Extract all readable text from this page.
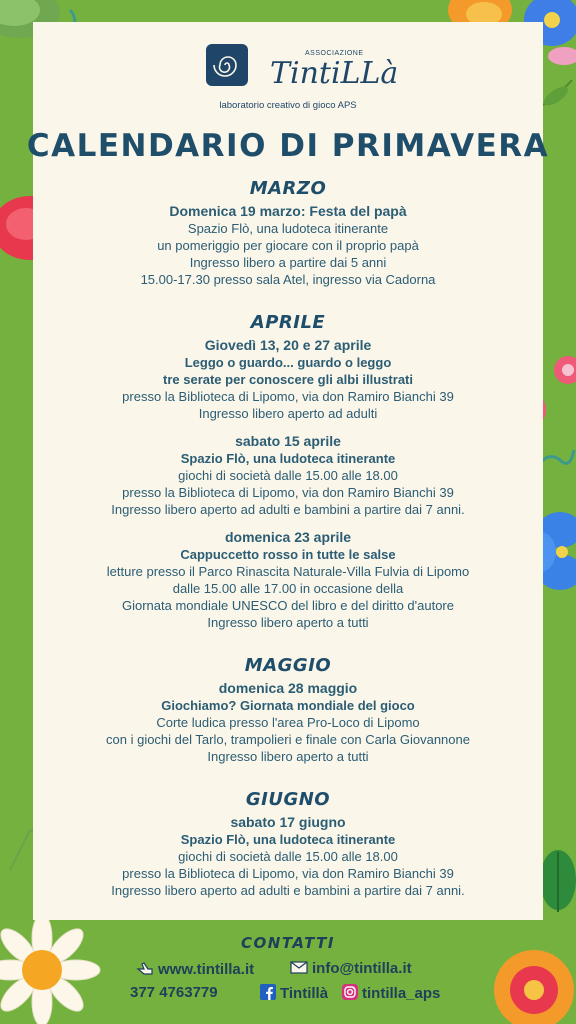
ASSOCIAZIONE
TintiLLà
laboratorio creativo di gioco APS
CALENDARIO DI PRIMAVERA
MARZO
Domenica 19 marzo: Festa del papà
Spazio Flò, una ludoteca itinerante
un pomeriggio per giocare con il proprio papà
Ingresso libero a partire dai 5 anni
15.00-17.30 presso sala Atel, ingresso via Cadorna
APRILE
Giovedì 13, 20 e 27 aprile
Leggo o guardo... guardo o leggo
tre serate per conoscere gli albi illustrati
presso la Biblioteca di Lipomo, via don Ramiro Bianchi 39
Ingresso libero aperto ad adulti
sabato 15 aprile
Spazio Flò, una ludoteca itinerante
giochi di società dalle 15.00 alle 18.00
presso la Biblioteca di Lipomo, via don Ramiro Bianchi 39
Ingresso libero aperto ad adulti e bambini a partire dai 7 anni.
domenica 23 aprile
Cappuccetto rosso in tutte le salse
letture presso il Parco Rinascita Naturale-Villa Fulvia di Lipomo
dalle 15.00 alle 17.00 in occasione della
Giornata mondiale UNESCO del libro e del diritto d'autore
Ingresso libero aperto a tutti
MAGGIO
domenica 28 maggio
Giochiamo? Giornata mondiale del gioco
Corte ludica presso l'area Pro-Loco di Lipomo
con i giochi del Tarlo, trampolieri e finale con Carla Giovannone
Ingresso libero aperto a tutti
GIUGNO
sabato 17 giugno
Spazio Flò, una ludoteca itinerante
giochi di società dalle 15.00 alle 18.00
presso la Biblioteca di Lipomo, via don Ramiro Bianchi 39
Ingresso libero aperto ad adulti e bambini a partire dai 7 anni.
CONTATTI
www.tintilla.it	info@tintilla.it
377 4763779	Tintillà	tintilla_aps
